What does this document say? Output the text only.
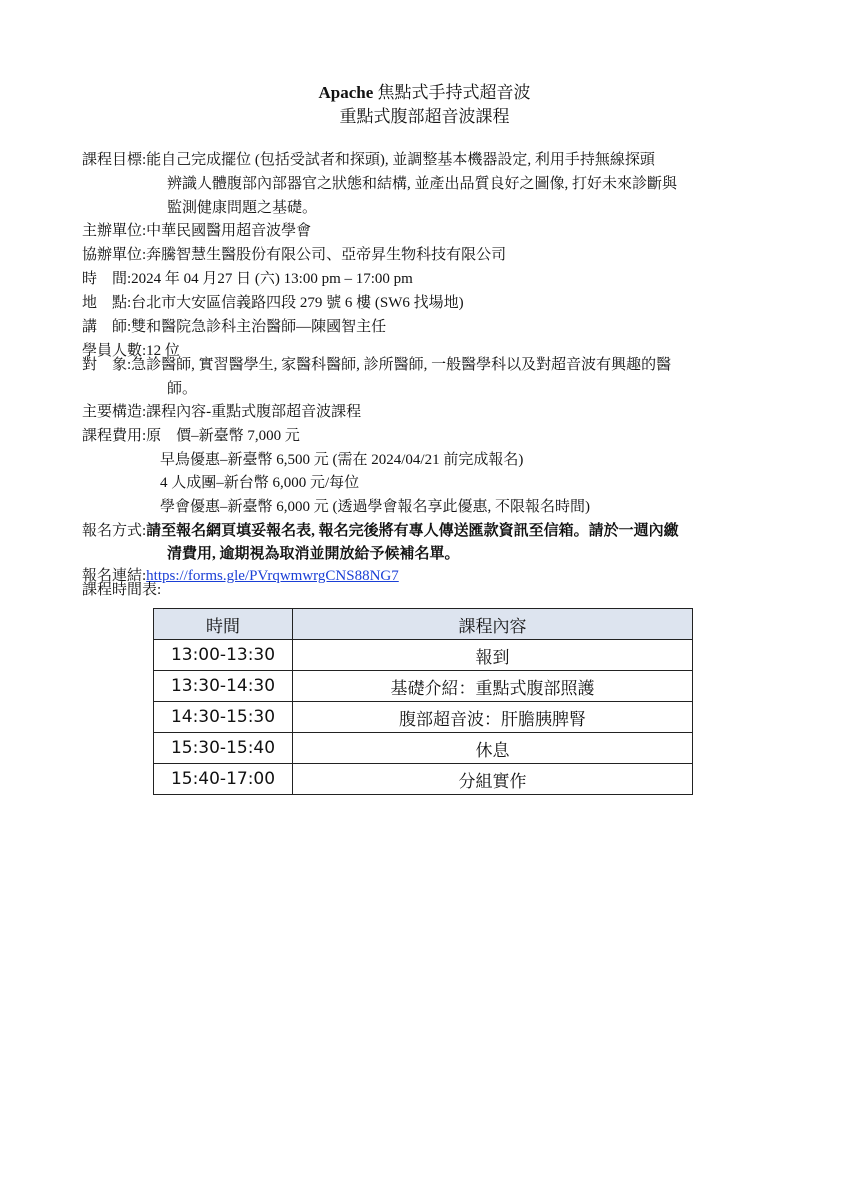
Apache 焦點式手持式超音波
重點式腹部超音波課程
課程目標:能自己完成擺位 (包括受試者和探頭), 並調整基本機器設定, 利用手持無線探頭
辨識人體腹部內部器官之狀態和結構, 並產出品質良好之圖像, 打好未來診斷與
監測健康問題之基礎。
主辦單位:中華民國醫用超音波學會
協辦單位:奔騰智慧生醫股份有限公司、亞帝昇生物科技有限公司
時　間:2024 年 04 月27 日 (六) 13:00 pm – 17:00 pm
地　點:台北市大安區信義路四段 279 號 6 樓 (SW6 找場地)
講　師:雙和醫院急診科主治醫師—陳國智主任
學員人數:12 位
對　象:急診醫師, 實習醫學生, 家醫科醫師, 診所醫師, 一般醫學科以及對超音波有興趣的醫
師。
主要構造:課程內容-重點式腹部超音波課程
課程費用:原　價–新臺幣 7,000 元
早鳥優惠–新臺幣 6,500 元 (需在 2024/04/21 前完成報名)
4 人成團–新台幣 6,000 元/每位
學會優惠–新臺幣 6,000 元 (透過學會報名享此優惠, 不限報名時間)
報名方式:請至報名網頁填妥報名表, 報名完後將有專人傳送匯款資訊至信箱。請於一週內繳
清費用, 逾期視為取消並開放給予候補名單。
報名連結:https://forms.gle/PVrqwmwrgCNS88NG7
課程時間表:
時間	課程內容
13:00-13:30	報到
13:30-14:30	基礎介紹：重點式腹部照護
14:30-15:30	腹部超音波：肝膽胰脾腎
15:30-15:40	休息
15:40-17:00	分組實作
